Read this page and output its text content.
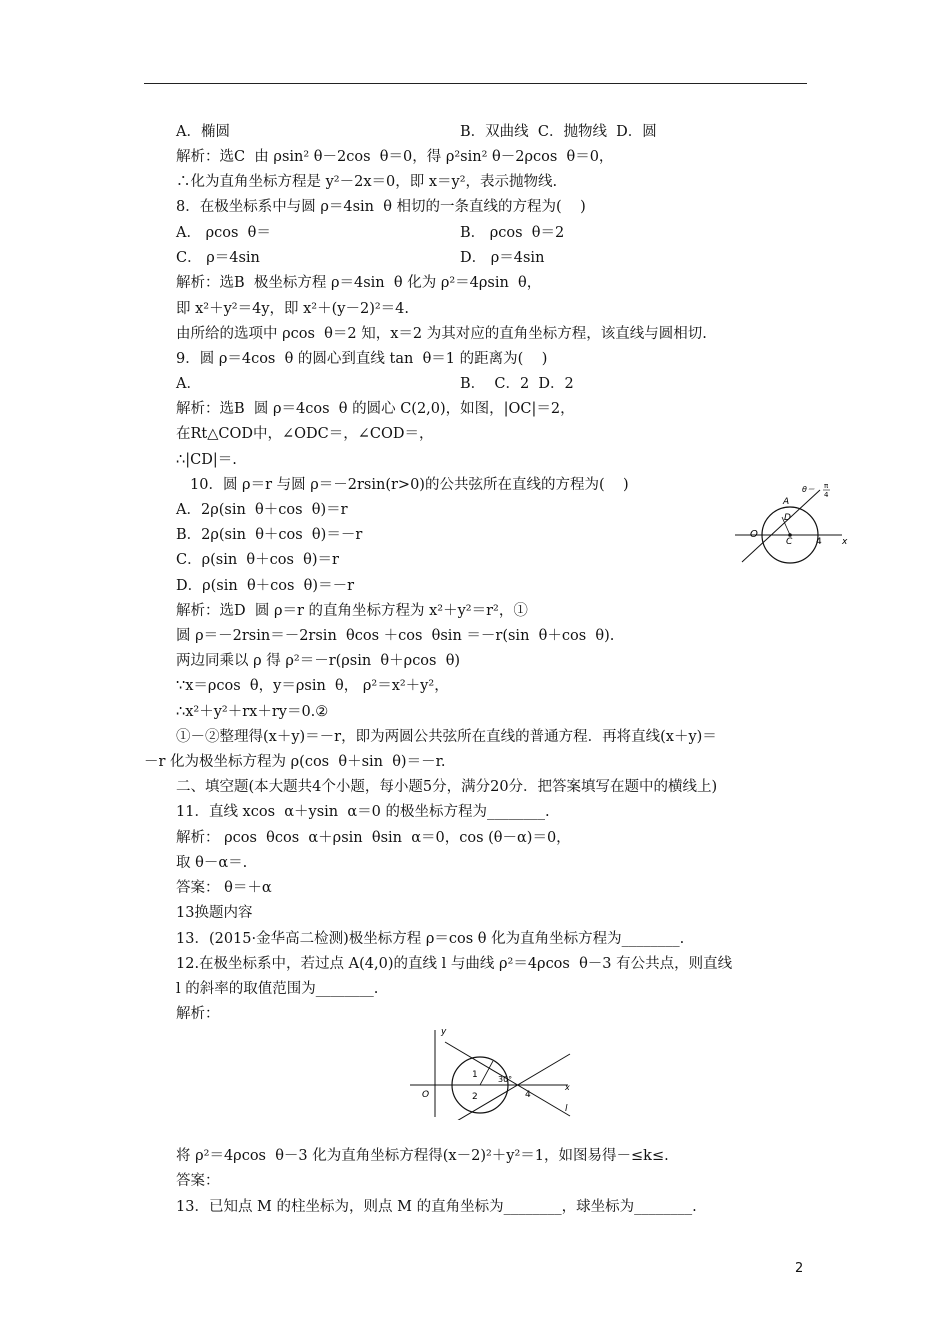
A．椭圆	B．双曲线  C．抛物线  D．圆
解析：选C  由 ρsin² θ－2cos  θ＝0，得 ρ²sin² θ－2ρcos  θ＝0，
∴化为直角坐标方程是 y²－2x＝0，即 x＝y²，表示抛物线.
8．在极坐标系中与圆 ρ＝4sin  θ 相切的一条直线的方程为(    )
A． ρcos  θ＝	B． ρcos  θ＝2
C． ρ＝4sin	D． ρ＝4sin
解析：选B  极坐标方程 ρ＝4sin  θ 化为 ρ²＝4ρsin  θ，
即 x²＋y²＝4y，即 x²＋(y－2)²＝4.
由所给的选项中 ρcos  θ＝2 知，x＝2 为其对应的直角坐标方程，该直线与圆相切.
9．圆 ρ＝4cos  θ 的圆心到直线 tan  θ＝1 的距离为(    )
A．	B．  C．2  D．2
解析：选B  圆 ρ＝4cos  θ 的圆心 C(2,0)，如图，|OC|＝2，
在Rt△COD中，∠ODC＝，∠COD＝，
∴|CD|＝.
10．圆 ρ＝r 与圆 ρ＝－2rsin(r>0)的公共弦所在直线的方程为(    )
A．2ρ(sin  θ＋cos  θ)＝r
B．2ρ(sin  θ＋cos  θ)＝－r
C．ρ(sin  θ＋cos  θ)＝r
D．ρ(sin  θ＋cos  θ)＝－r
解析：选D  圆 ρ＝r 的直角坐标方程为 x²＋y²＝r²，①
圆 ρ＝－2rsin＝－2rsin  θcos ＋cos  θsin ＝－r(sin  θ＋cos  θ).
两边同乘以 ρ 得 ρ²＝－r(ρsin  θ＋ρcos  θ)
∵x＝ρcos  θ，y＝ρsin  θ， ρ²＝x²＋y²，
∴x²＋y²＋rx＋ry＝0.②
①－②整理得(x＋y)＝－r，即为两圆公共弦所在直线的普通方程．再将直线(x＋y)＝
－r 化为极坐标方程为 ρ(cos  θ＋sin  θ)＝－r.
二、填空题(本大题共4个小题，每小题5分，满分20分．把答案填写在题中的横线上)
11．直线 xcos  α＋ysin  α＝0 的极坐标方程为________.
解析： ρcos  θcos  α＋ρsin  θsin  α＝0，cos (θ－α)＝0，
取 θ－α＝.
答案： θ＝＋α
13换题内容
13．(2015·金华高二检测)极坐标方程 ρ＝cos θ 化为直角坐标方程为________.
12.在极坐标系中，若过点 A(4,0)的直线 l 与曲线 ρ²＝4ρcos  θ－3 有公共点，则直线
l 的斜率的取值范围为________.
解析：
将 ρ²＝4ρcos  θ－3 化为直角坐标方程得(x－2)²＋y²＝1，如图易得－≤k≤.
答案：
13．已知点 M 的柱坐标为，则点 M 的直角坐标为________，球坐标为________.
O
A
D
C	4 x
θ＝ π
4
y
O
1
2
30°
4
x
l
2
